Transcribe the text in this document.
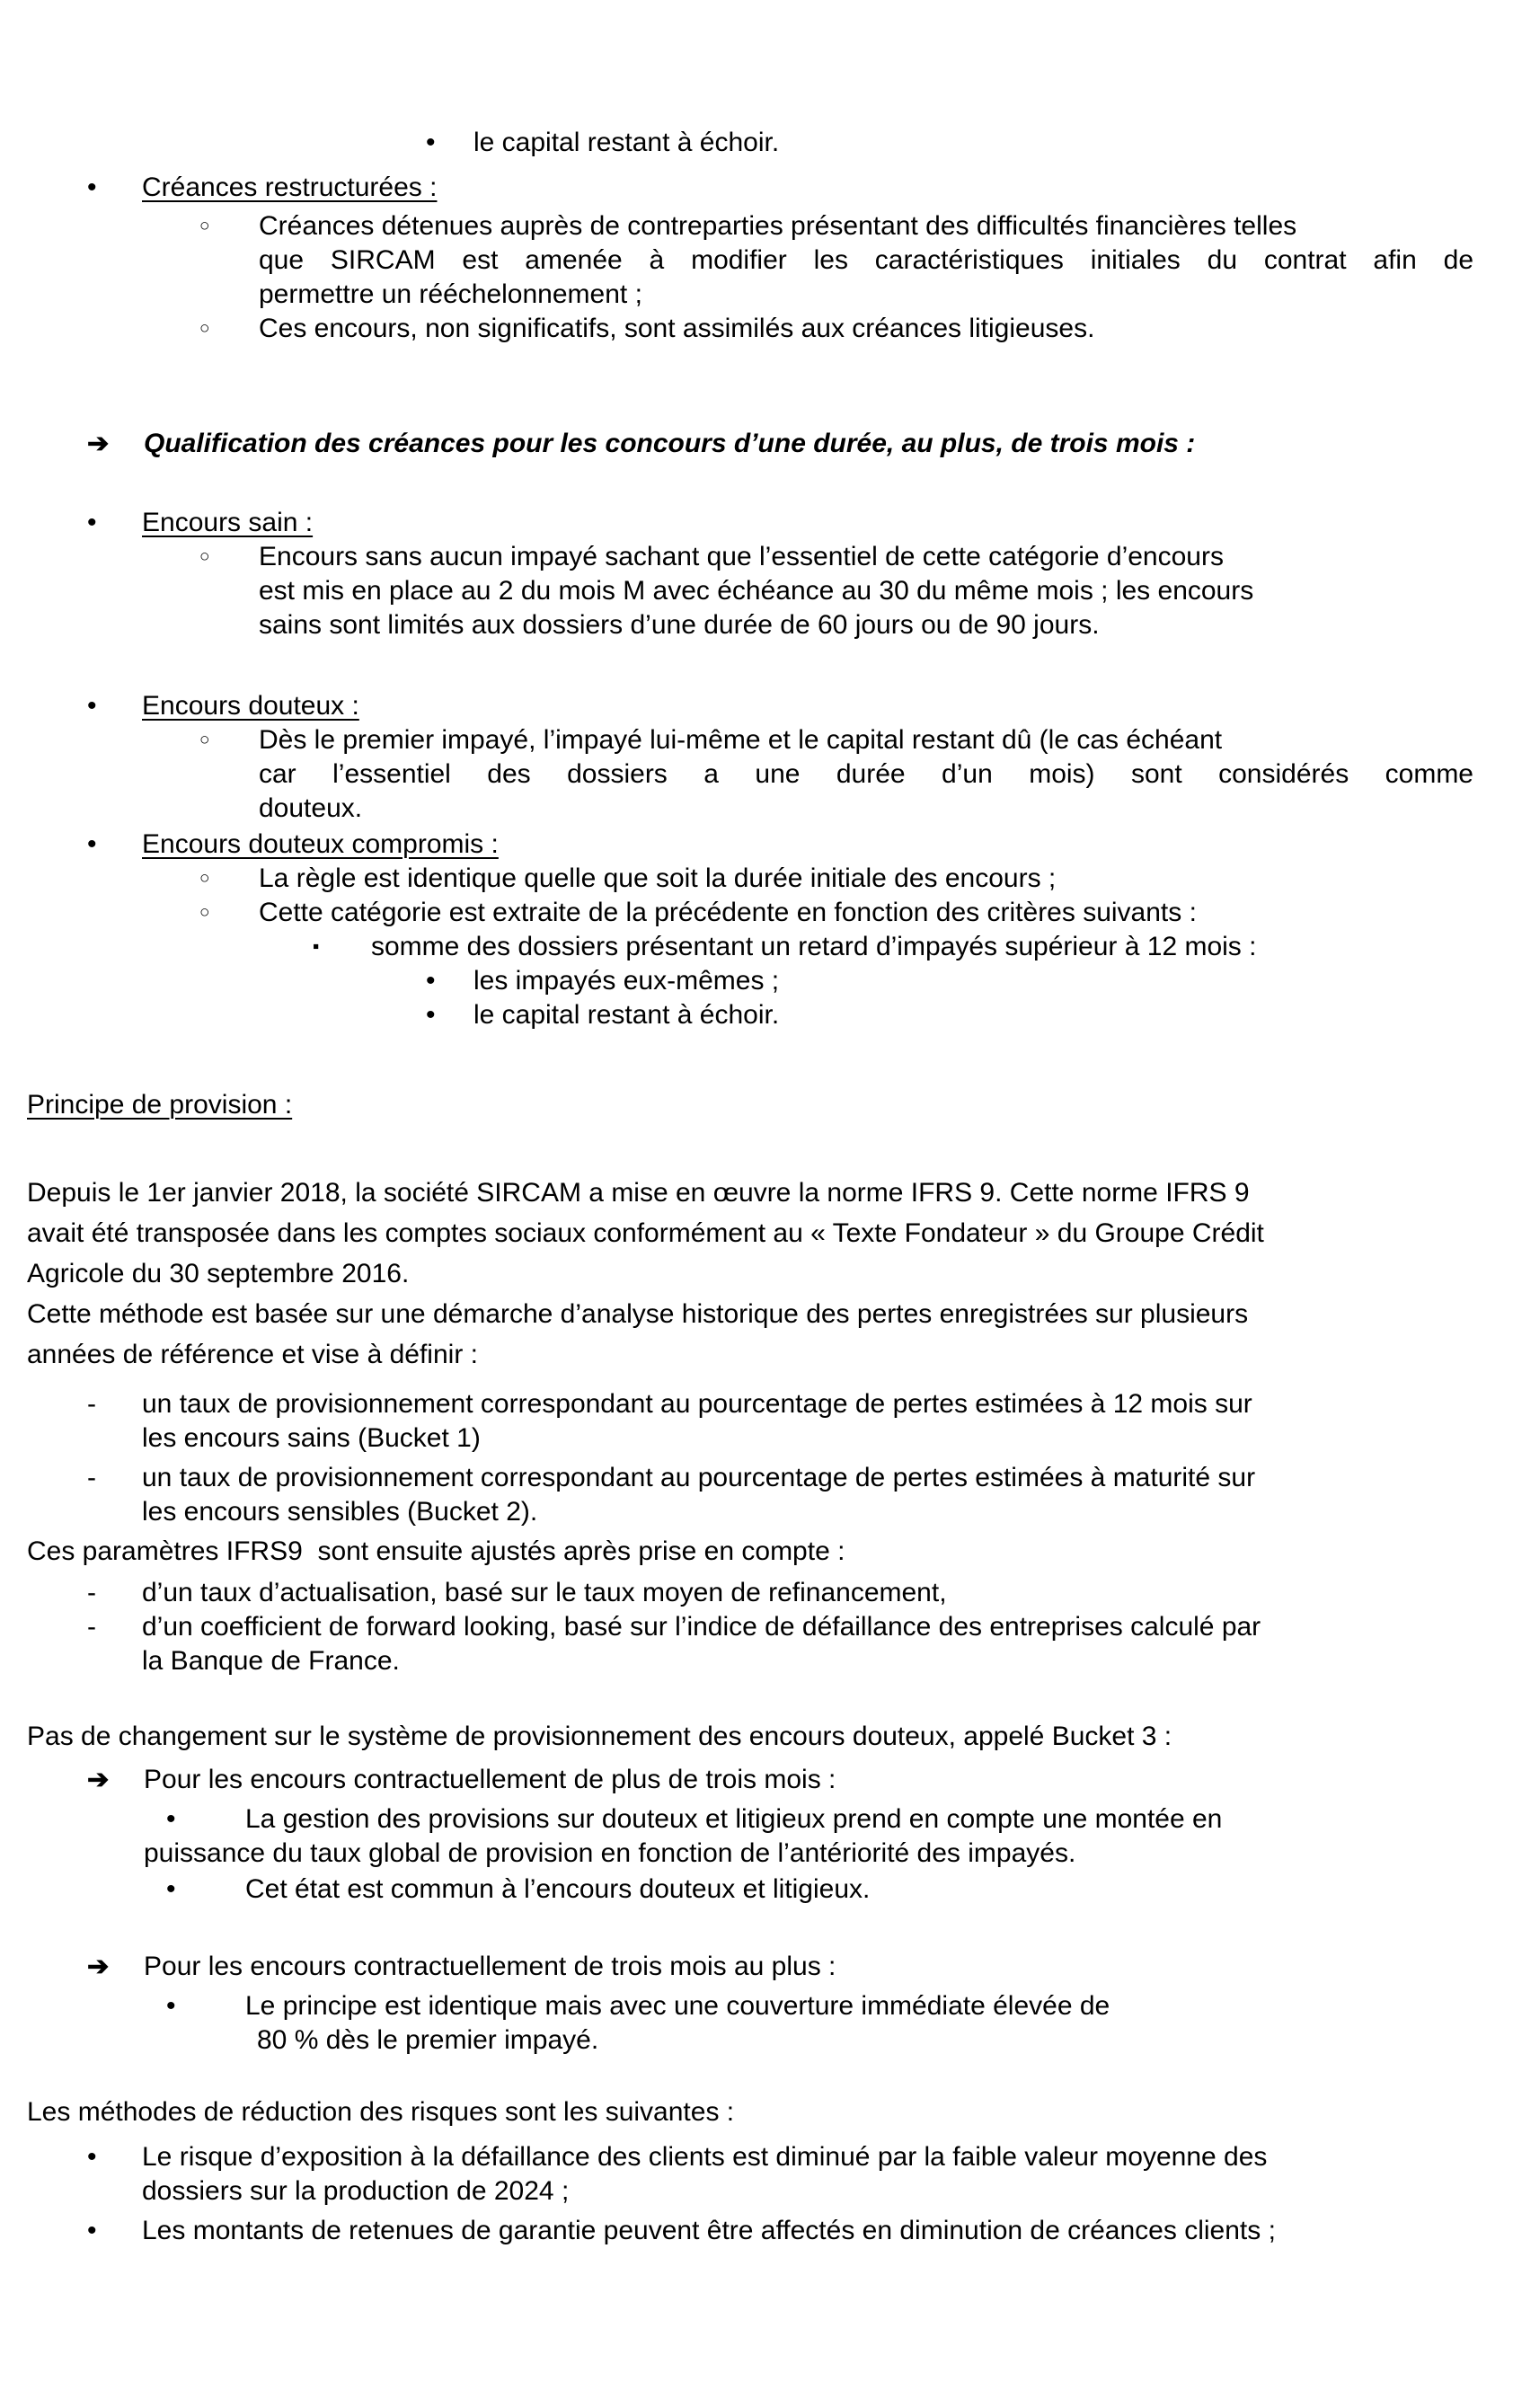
• le capital restant à échoir.
• Créances restructurées :
○ Créances détenues auprès de contreparties présentant des difficultés financières telles
que SIRCAM est amenée à modifier les caractéristiques initiales du contrat afin de
permettre un rééchelonnement ;
○ Ces encours, non significatifs, sont assimilés aux créances litigieuses.
➔ Qualification des créances pour les concours d’une durée, au plus, de trois mois :
• Encours sain :
○ Encours sans aucun impayé sachant que l’essentiel de cette catégorie d’encours
est mis en place au 2 du mois M avec échéance au 30 du même mois ; les encours
sains sont limités aux dossiers d’une durée de 60 jours ou de 90 jours.
• Encours douteux :
○ Dès le premier impayé, l’impayé lui-même et le capital restant dû (le cas échéant
car l’essentiel des dossiers a une durée d’un mois) sont considérés comme
douteux.
• Encours douteux compromis :
○ La règle est identique quelle que soit la durée initiale des encours ;
○ Cette catégorie est extraite de la précédente en fonction des critères suivants :
▪ somme des dossiers présentant un retard d’impayés supérieur à 12 mois :
• les impayés eux-mêmes ;
• le capital restant à échoir.
Principe de provision :
Depuis le 1er janvier 2018, la société SIRCAM a mise en œuvre la norme IFRS 9. Cette norme IFRS 9
avait été transposée dans les comptes sociaux conformément au « Texte Fondateur » du Groupe Crédit
Agricole du 30 septembre 2016.
Cette méthode est basée sur une démarche d’analyse historique des pertes enregistrées sur plusieurs
années de référence et vise à définir :
- un taux de provisionnement correspondant au pourcentage de pertes estimées à 12 mois sur
les encours sains (Bucket 1)
- un taux de provisionnement correspondant au pourcentage de pertes estimées à maturité sur
les encours sensibles (Bucket 2).
Ces paramètres IFRS9  sont ensuite ajustés après prise en compte :
- d’un taux d’actualisation, basé sur le taux moyen de refinancement,
- d’un coefficient de forward looking, basé sur l’indice de défaillance des entreprises calculé par
la Banque de France.
Pas de changement sur le système de provisionnement des encours douteux, appelé Bucket 3 :
➔ Pour les encours contractuellement de plus de trois mois :
•	La gestion des provisions sur douteux et litigieux prend en compte une montée en
puissance du taux global de provision en fonction de l’antériorité des impayés.
•	Cet état est commun à l’encours douteux et litigieux.
➔ Pour les encours contractuellement de trois mois au plus :
•	Le principe est identique mais avec une couverture immédiate élevée de
80 % dès le premier impayé.
Les méthodes de réduction des risques sont les suivantes :
• Le risque d’exposition à la défaillance des clients est diminué par la faible valeur moyenne des
dossiers sur la production de 2024 ;
• Les montants de retenues de garantie peuvent être affectés en diminution de créances clients ;
